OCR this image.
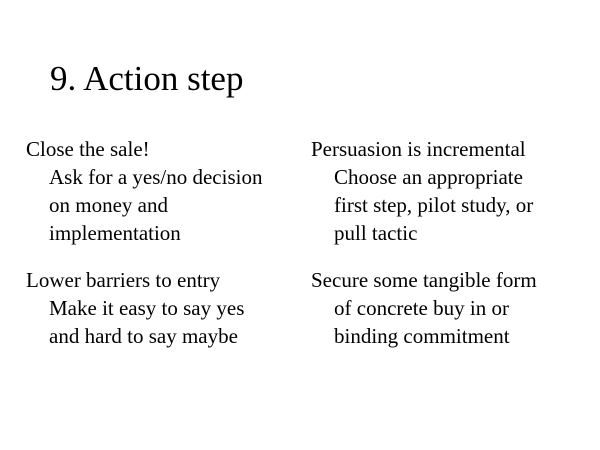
9. Action step
Close the sale!
Ask for a yes/no decision
on money and
implementation
Persuasion is incremental
Choose an appropriate
first step, pilot study, or
pull tactic
Lower barriers to entry
Make it easy to say yes
and hard to say maybe
Secure some tangible form
of concrete buy in or
binding commitment
